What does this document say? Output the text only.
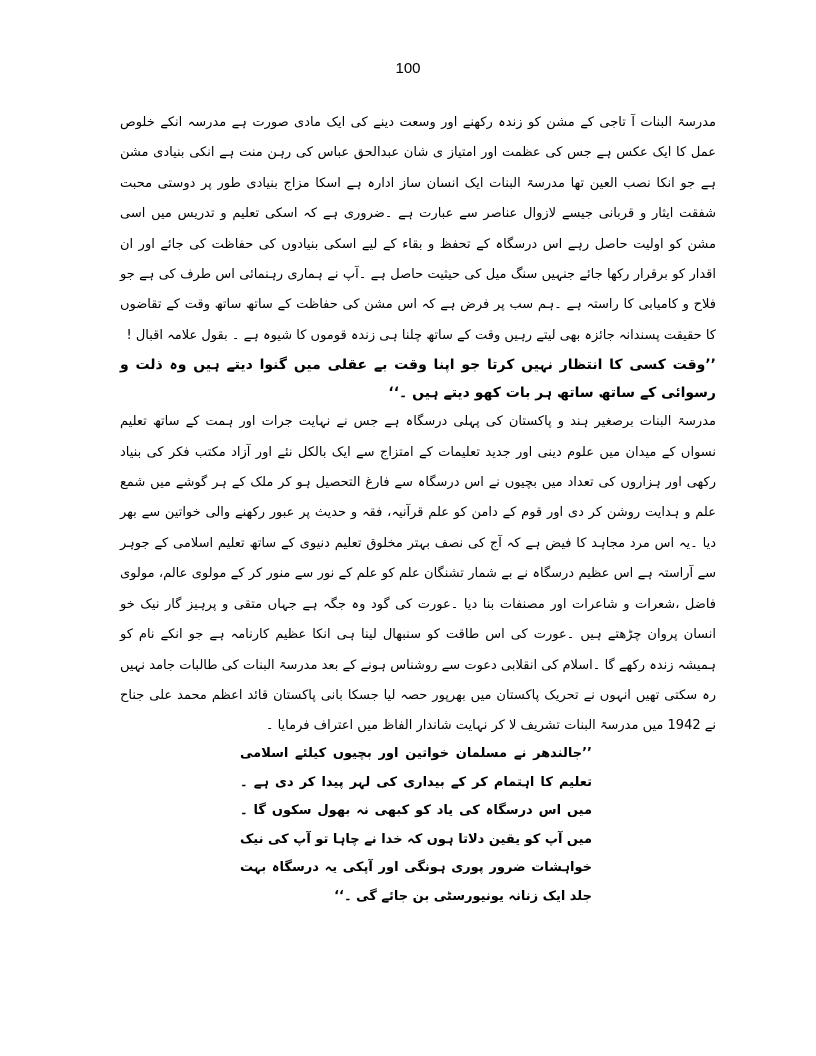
100

مدرسۃ البنات آ تاجی کے مشن کو زندہ رکھنے اور وسعت دینے کی ایک مادی صورت ہے مدرسہ انکے خلوص عمل کا ایک عکس ہے جس کی عظمت اور امتیاز ی شان عبدالحق عباس کی رہن منت ہے انکی بنیادی مشن ہے جو انکا نصب العین تھا مدرسۃ البنات ایک انسان ساز ادارہ ہے اسکا مزاج بنیادی طور پر دوستی محبت شفقت ایثار و قربانی جیسے لازوال عناصر سے عبارت ہے ۔ضروری ہے کہ اسکی تعلیم و تدریس میں اسی مشن کو اولیت حاصل رہے اس درسگاہ کے تحفظ و بقاء کے لیے اسکی بنیادوں کی حفاظت کی جائے اور ان اقدار کو برقرار رکھا جائے جنہیں سنگ میل کی حیثیت حاصل ہے ۔آپ نے ہماری رہنمائی اس طرف کی ہے جو فلاح و کامیابی کا راستہ ہے ۔ہم سب پر فرض ہے کہ اس مشن کی حفاظت کے ساتھ ساتھ وقت کے تقاضوں کا حقیقت پسندانہ جائزہ بھی لیتے رہیں وقت کے ساتھ چلنا ہی زندہ قوموں کا شیوہ ہے ۔ بقول علامہ اقبال !

’’وقت کسی کا انتظار نہیں کرتا جو اپنا وقت بے عقلی میں گنوا دیتے ہیں وہ ذلت و رسوائی کے ساتھ ساتھ ہر بات کھو دیتے ہیں ۔‘‘

مدرسۃ البنات برصغیر ہند و پاکستان کی پہلی درسگاہ ہے جس نے نہایت جرات اور ہمت کے ساتھ تعلیم نسواں کے میدان میں علوم دینی اور جدید تعلیمات کے امتزاج سے ایک بالکل نئے اور آزاد مکتب فکر کی بنیاد رکھی اور ہزاروں کی تعداد میں بچیوں نے اس درسگاہ سے فارغ التحصیل ہو کر ملک کے ہر گوشے میں شمع علم و ہدایت روشن کر دی اور قوم کے دامن کو علم قرآنیہ، فقہ و حدیث پر عبور رکھنے والی خواتین سے بھر دیا ۔یہ اس مرد مجاہد کا فیض ہے کہ آج کی نصف بہتر مخلوق تعلیم دنیوی کے ساتھ تعلیم اسلامی کے جوہر سے آراستہ ہے اس عظیم درسگاہ نے بے شمار تشنگان علم کو علم کے نور سے منور کر کے مولوی عالم، مولوی فاضل ،شعرات و شاعرات اور مصنفات بنا دیا ۔عورت کی گود وہ جگہ ہے جہاں متقی و پرہیز گار نیک خو انسان پروان چڑھتے ہیں ۔عورت کی اس طاقت کو سنبھال لینا ہی انکا عظیم کارنامہ ہے جو انکے نام کو ہمیشہ زندہ رکھے گا ۔اسلام کی انقلابی دعوت سے روشناس ہونے کے بعد مدرسۃ البنات کی طالبات جامد نہیں رہ سکتی تھیں انہوں نے تحریک پاکستان میں بھرپور حصہ لیا جسکا بانی پاکستان قائد اعظم محمد علی جناح نے 1942 میں مدرسۃ البنات تشریف لا کر نہایت شاندار الفاظ میں اعتراف فرمایا ۔

’’جالندھر نے مسلمان خواتین اور بچیوں کیلئے اسلامی تعلیم کا اہتمام کر کے بیداری کی لہر پیدا کر دی ہے ۔میں اس درسگاہ کی یاد کو کبھی نہ بھول سکوں گا ۔میں آپ کو یقین دلاتا ہوں کہ خدا نے چاہا تو آپ کی نیک خواہشات ضرور پوری ہونگی اور آپکی یہ درسگاہ بہت جلد ایک زنانہ یونیورسٹی بن جائے گی ۔‘‘
